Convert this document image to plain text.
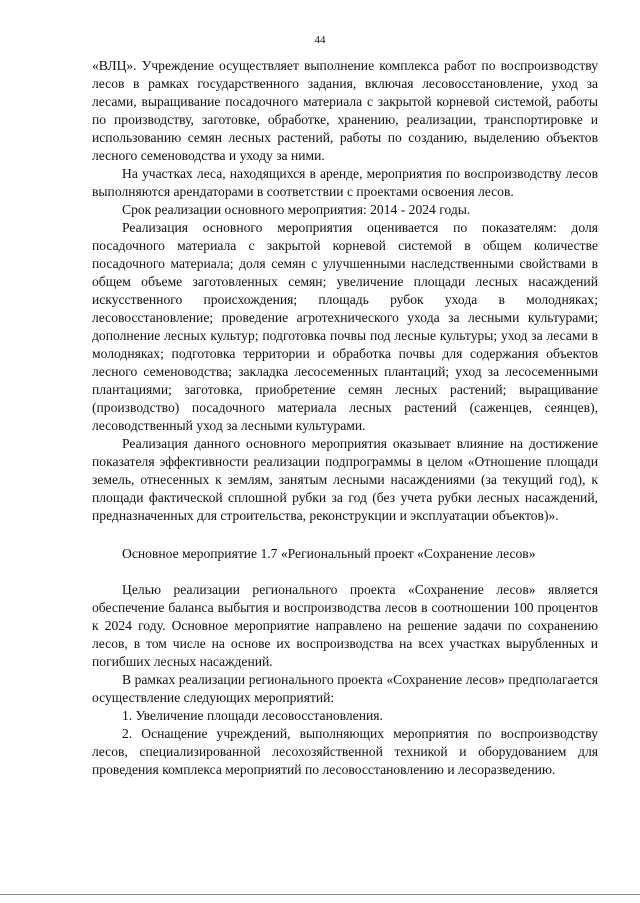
44

«ВЛЦ». Учреждение осуществляет выполнение комплекса работ по воспроизводству лесов в рамках государственного задания, включая лесовосстановление, уход за лесами, выращивание посадочного материала с закрытой корневой системой, работы по производству, заготовке, обработке, хранению, реализации, транспортировке и использованию семян лесных растений, работы по созданию, выделению объектов лесного семеноводства и уходу за ними.

На участках леса, находящихся в аренде, мероприятия по воспроизводству лесов выполняются арендаторами в соответствии с проектами освоения лесов.

Срок реализации основного мероприятия: 2014 - 2024 годы.

Реализация основного мероприятия оценивается по показателям: доля посадочного материала с закрытой корневой системой в общем количестве посадочного материала; доля семян с улучшенными наследственными свойствами в общем объеме заготовленных семян; увеличение площади лесных насаждений искусственного происхождения; площадь рубок ухода в молодняках; лесовосстановление; проведение агротехнического ухода за лесными культурами; дополнение лесных культур; подготовка почвы под лесные культуры; уход за лесами в молодняках; подготовка территории и обработка почвы для содержания объектов лесного семеноводства; закладка лесосеменных плантаций; уход за лесосеменными плантациями; заготовка, приобретение семян лесных растений; выращивание (производство) посадочного материала лесных растений (саженцев, сеянцев), лесоводственный уход за лесными культурами.

Реализация данного основного мероприятия оказывает влияние на достижение показателя эффективности реализации подпрограммы в целом «Отношение площади земель, отнесенных к землям, занятым лесными насаждениями (за текущий год), к площади фактической сплошной рубки за год (без учета рубки лесных насаждений, предназначенных для строительства, реконструкции и эксплуатации объектов)».

Основное мероприятие 1.7 «Региональный проект «Сохранение лесов»

Целью реализации регионального проекта «Сохранение лесов» является обеспечение баланса выбытия и воспроизводства лесов в соотношении 100 процентов к 2024 году. Основное мероприятие направлено на решение задачи по сохранению лесов, в том числе на основе их воспроизводства на всех участках вырубленных и погибших лесных насаждений.

В рамках реализации регионального проекта «Сохранение лесов» предполагается осуществление следующих мероприятий:

1. Увеличение площади лесовосстановления.

2. Оснащение учреждений, выполняющих мероприятия по воспроизводству лесов, специализированной лесохозяйственной техникой и оборудованием для проведения комплекса мероприятий по лесовосстановлению и лесоразведению.
